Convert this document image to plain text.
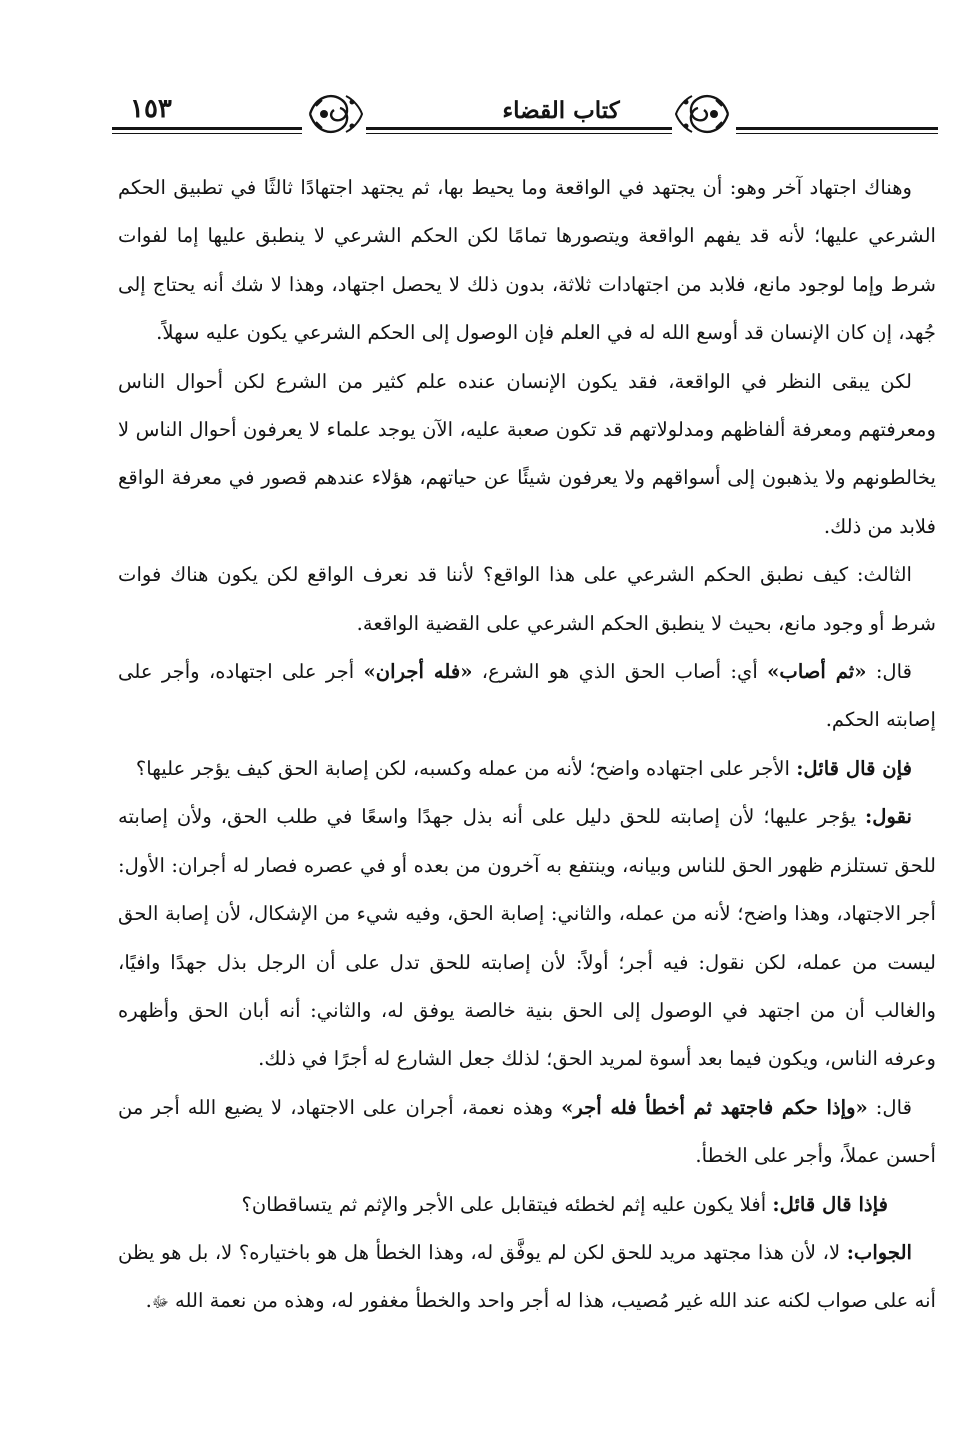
١٥٣	كتاب القضاء

وهناك اجتهاد آخر وهو: أن يجتهد في الواقعة وما يحيط بها، ثم يجتهد اجتهادًا ثالثًا في تطبيق الحكم الشرعي عليها؛ لأنه قد يفهم الواقعة ويتصورها تمامًا لكن الحكم الشرعي لا ينطبق عليها إما لفوات شرط وإما لوجود مانع، فلابد من اجتهادات ثلاثة، بدون ذلك لا يحصل اجتهاد، وهذا لا شك أنه يحتاج إلى جُهد، إن كان الإنسان قد أوسع الله له في العلم فإن الوصول إلى الحكم الشرعي يكون عليه سهلاً.

لكن يبقى النظر في الواقعة، فقد يكون الإنسان عنده علم كثير من الشرع لكن أحوال الناس ومعرفتهم ومعرفة ألفاظهم ومدلولاتهم قد تكون صعبة عليه، الآن يوجد علماء لا يعرفون أحوال الناس لا يخالطونهم ولا يذهبون إلى أسواقهم ولا يعرفون شيئًا عن حياتهم، هؤلاء عندهم قصور في معرفة الواقع فلابد من ذلك.

الثالث: كيف نطبق الحكم الشرعي على هذا الواقع؟ لأننا قد نعرف الواقع لكن يكون هناك فوات شرط أو وجود مانع، بحيث لا ينطبق الحكم الشرعي على القضية الواقعة.

قال: «ثم أصاب» أي: أصاب الحق الذي هو الشرع، «فله أجران» أجر على اجتهاده، وأجر على إصابته الحكم.

فإن قال قائل: الأجر على اجتهاده واضح؛ لأنه من عمله وكسبه، لكن إصابة الحق كيف يؤجر عليها؟

نقول: يؤجر عليها؛ لأن إصابته للحق دليل على أنه بذل جهدًا واسعًا في طلب الحق، ولأن إصابته للحق تستلزم ظهور الحق للناس وبيانه، وينتفع به آخرون من بعده أو في عصره فصار له أجران: الأول: أجر الاجتهاد، وهذا واضح؛ لأنه من عمله، والثاني: إصابة الحق، وفيه شيء من الإشكال، لأن إصابة الحق ليست من عمله، لكن نقول: فيه أجر؛ أولاً: لأن إصابته للحق تدل على أن الرجل بذل جهدًا وافيًا، والغالب أن من اجتهد في الوصول إلى الحق بنية خالصة يوفق له، والثاني: أنه أبان الحق وأظهره وعرفه الناس، ويكون فيما بعد أسوة لمريد الحق؛ لذلك جعل الشارع له أجرًا في ذلك.

قال: «وإذا حكم فاجتهد ثم أخطأ فله أجر» وهذه نعمة، أجران على الاجتهاد، لا يضيع الله أجر من أحسن عملاً، وأجر على الخطأ.

فإذا قال قائل: أفلا يكون عليه إثم لخطئه فيتقابل على الأجر والإثم ثم يتساقطان؟

الجواب: لا، لأن هذا مجتهد مريد للحق لكن لم يوفَّق له، وهذا الخطأ هل هو باختياره؟ لا، بل هو يظن أنه على صواب لكنه عند الله غير مُصيب، هذا له أجر واحد والخطأ مغفور له، وهذه من نعمة الله ﷻ.
